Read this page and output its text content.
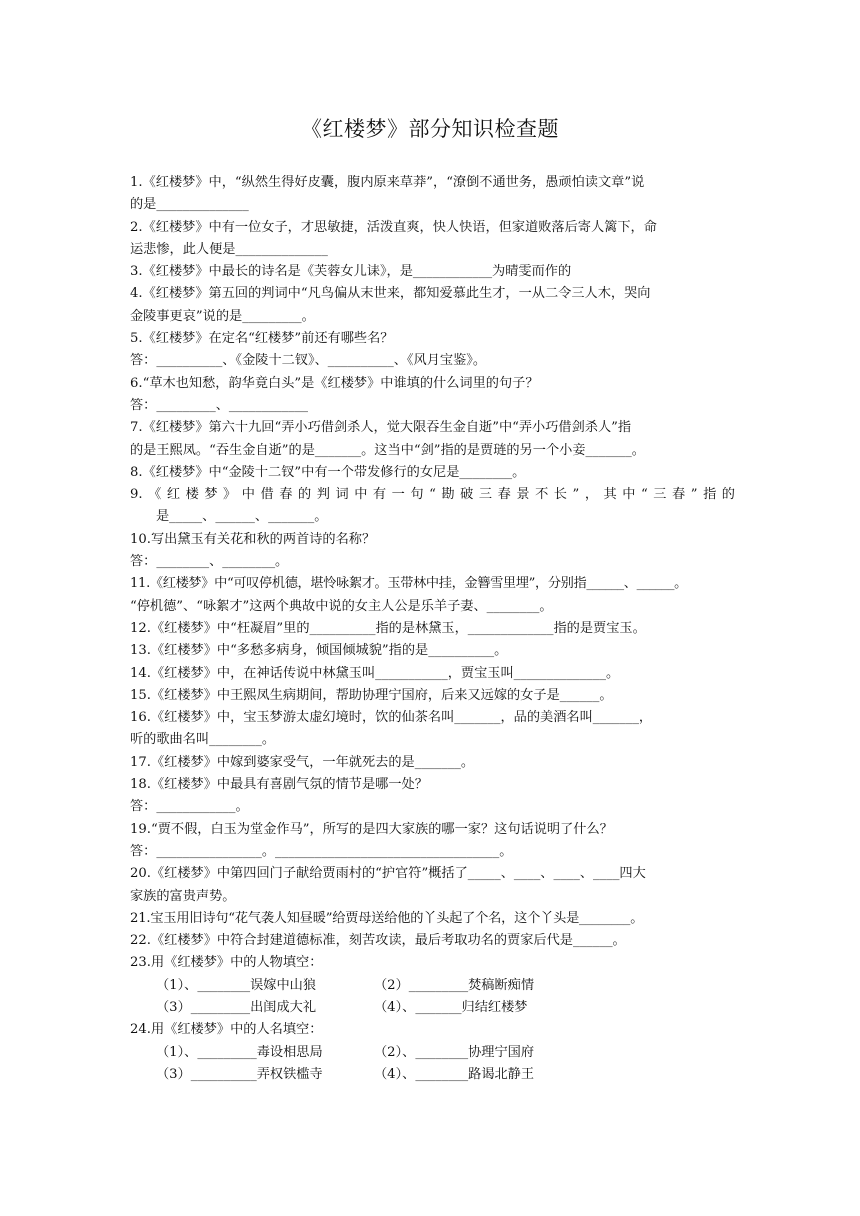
《红楼梦》部分知识检查题
1.《红楼梦》中，“纵然生得好皮囊，腹内原来草莽”，“潦倒不通世务，愚顽怕读文章”说
的是______________
2.《红楼梦》中有一位女子，才思敏捷，活泼直爽，快人快语，但家道败落后寄人篱下，命
运悲惨，此人便是______________
3.《红楼梦》中最长的诗名是《芙蓉女儿诔》，是____________为晴雯而作的
4.《红楼梦》第五回的判词中“凡鸟偏从末世来，都知爱慕此生才，一从二令三人木，哭向
金陵事更哀”说的是_________。
5.《红楼梦》在定名“红楼梦”前还有哪些名？
答：__________、《金陵十二钗》、__________、《风月宝鉴》。
6.“草木也知愁，韵华竟白头”是《红楼梦》中谁填的什么词里的句子？
答：_________、____________
7.《红楼梦》第六十九回“弄小巧借剑杀人，觉大限吞生金自逝”中“弄小巧借剑杀人”指
的是王熙凤。“吞生金自逝”的是_______。这当中“剑”指的是贾琏的另一个小妾_______。
8.《红楼梦》中“金陵十二钗”中有一个带发修行的女尼是________。
9.《红楼梦》中借春的判词中有一句“勘破三春景不长”，其中“三春”指的
是_____、______、_______。
10.写出黛玉有关花和秋的两首诗的名称？
答：________、________。
11.《红楼梦》中“可叹停机德，堪怜咏絮才。玉带林中挂，金簪雪里埋”，分别指______、______。
“停机德”、“咏絮才”这两个典故中说的女主人公是乐羊子妻、________。
12.《红楼梦》中“枉凝眉”里的__________指的是林黛玉，_____________指的是贾宝玉。
13.《红楼梦》中“多愁多病身，倾国倾城貌”指的是__________。
14.《红楼梦》中，在神话传说中林黛玉叫___________，贾宝玉叫______________。
15.《红楼梦》中王熙凤生病期间，帮助协理宁国府，后来又远嫁的女子是______。
16.《红楼梦》中，宝玉梦游太虚幻境时，饮的仙茶名叫_______，品的美酒名叫_______，
听的歌曲名叫________。
17.《红楼梦》中嫁到婆家受气，一年就死去的是_______。
18.《红楼梦》中最具有喜剧气氛的情节是哪一处？
答：____________。
19.“贾不假，白玉为堂金作马”，所写的是四大家族的哪一家？这句话说明了什么？
答：________________。__________________________________。
20.《红楼梦》中第四回门子献给贾雨村的“护官符”概括了_____、____、____、____四大
家族的富贵声势。
21.宝玉用旧诗句“花气袭人知昼暖”给贾母送给他的丫头起了个名，这个丫头是________。
22.《红楼梦》中符合封建道德标准，刻苦攻读，最后考取功名的贾家后代是______。
23.用《红楼梦》中的人物填空：
（1）、________误嫁中山狼	（2）_________焚稿断痴情
（3）_________出闺成大礼	（4）、_______归结红楼梦
24.用《红楼梦》中的人名填空：
（1）、_________毒设相思局	（2）、________协理宁国府
（3）__________弄权铁槛寺	（4）、________路谒北静王
